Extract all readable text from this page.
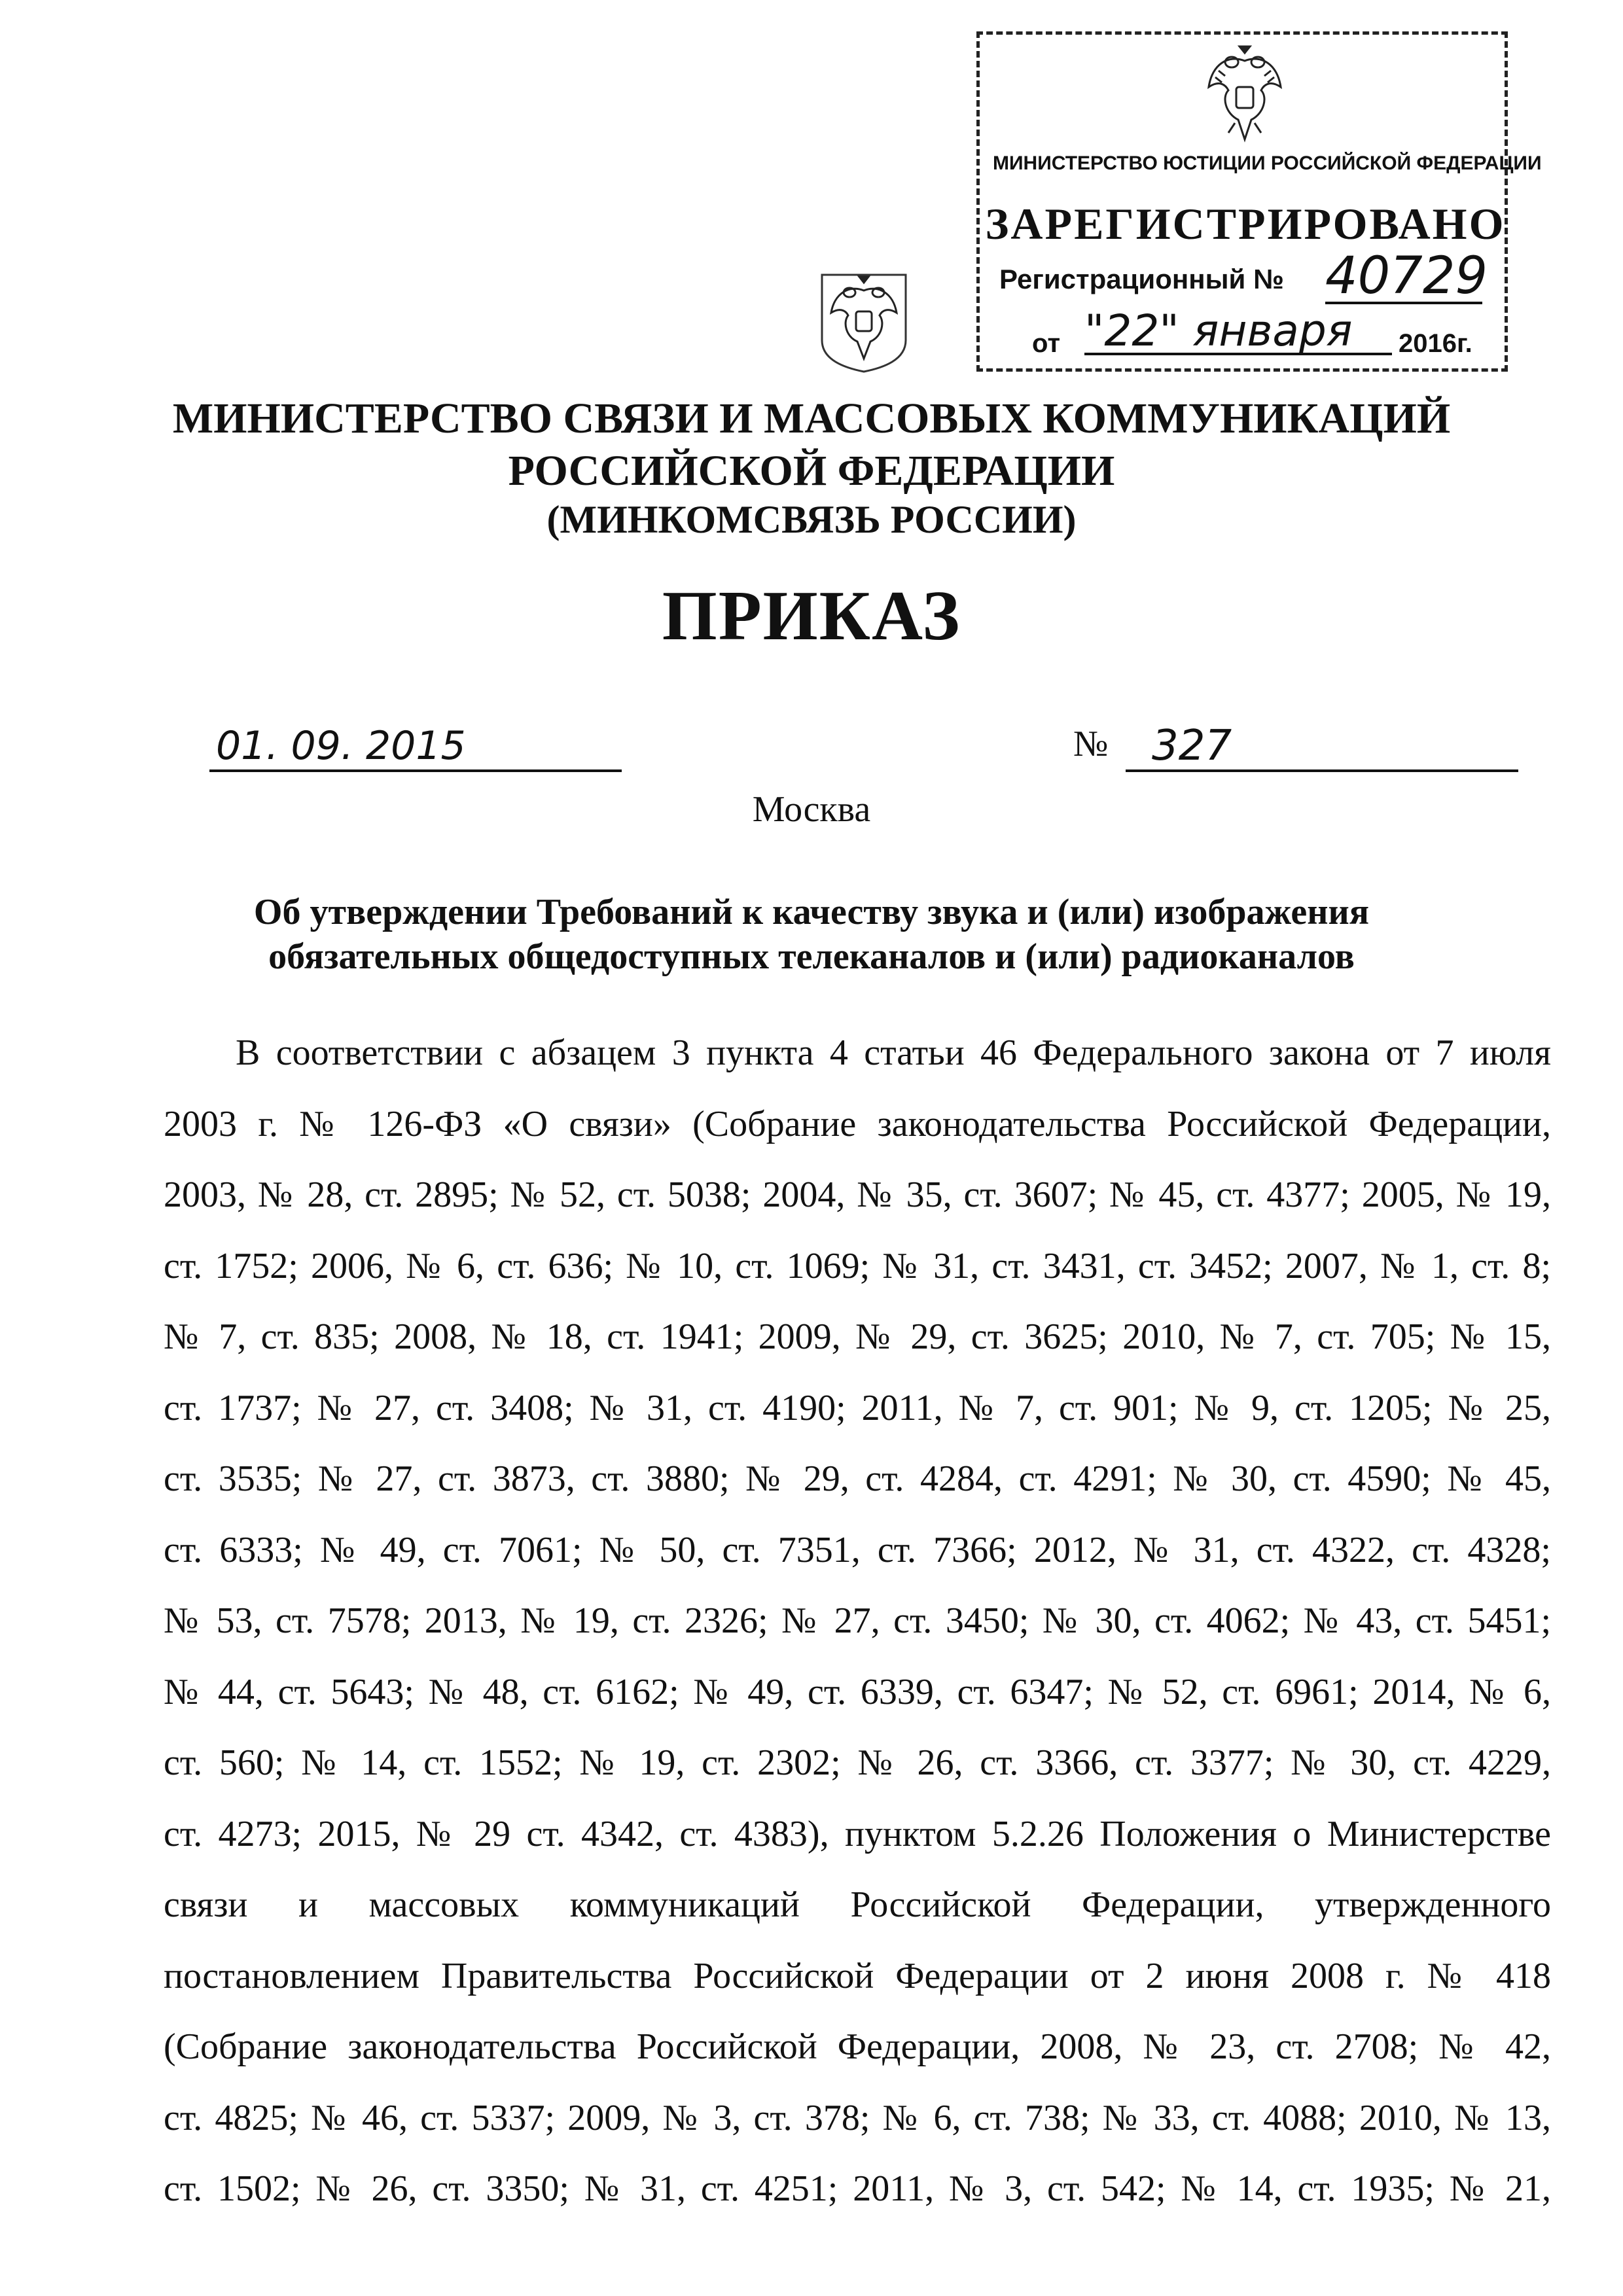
МИНИСТЕРСТВО ЮСТИЦИИ РОССИЙСКОЙ ФЕДЕРАЦИИ
ЗАРЕГИСТРИРОВАНО
Регистрационный № 40729
от "22" января	2016г.
МИНИСТЕРСТВО СВЯЗИ И МАССОВЫХ КОММУНИКАЦИЙ
РОССИЙСКОЙ ФЕДЕРАЦИИ
(МИНКОМСВЯЗЬ РОССИИ)
ПРИКАЗ
01. 09. 2015	№	327
Москва
Об утверждении Требований к качеству звука и (или) изображения
обязательных общедоступных телеканалов и (или) радиоканалов
В соответствии с абзацем 3 пункта 4 статьи 46 Федерального закона от 7 июля
2003 г. № 126-ФЗ «О связи» (Собрание законодательства Российской Федерации,
2003, № 28, ст. 2895; № 52, ст. 5038; 2004, № 35, ст. 3607; № 45, ст. 4377; 2005, № 19,
ст. 1752; 2006, № 6, ст. 636; № 10, ст. 1069; № 31, ст. 3431, ст. 3452; 2007, № 1, ст. 8;
№ 7, ст. 835; 2008, № 18, ст. 1941; 2009, № 29, ст. 3625; 2010, № 7, ст. 705; № 15,
ст. 1737; № 27, ст. 3408; № 31, ст. 4190; 2011, № 7, ст. 901; № 9, ст. 1205; № 25,
ст. 3535; № 27, ст. 3873, ст. 3880; № 29, ст. 4284, ст. 4291; № 30, ст. 4590; № 45,
ст. 6333; № 49, ст. 7061; № 50, ст. 7351, ст. 7366; 2012, № 31, ст. 4322, ст. 4328;
№ 53, ст. 7578; 2013, № 19, ст. 2326; № 27, ст. 3450; № 30, ст. 4062; № 43, ст. 5451;
№ 44, ст. 5643; № 48, ст. 6162; № 49, ст. 6339, ст. 6347; № 52, ст. 6961; 2014, № 6,
ст. 560; № 14, ст. 1552; № 19, ст. 2302; № 26, ст. 3366, ст. 3377; № 30, ст. 4229,
ст. 4273; 2015, № 29 ст. 4342, ст. 4383), пунктом 5.2.26 Положения о Министерстве
связи и массовых коммуникаций Российской Федерации, утвержденного
постановлением Правительства Российской Федерации от 2 июня 2008 г. № 418
(Собрание законодательства Российской Федерации, 2008, № 23, ст. 2708; № 42,
ст. 4825; № 46, ст. 5337; 2009, № 3, ст. 378; № 6, ст. 738; № 33, ст. 4088; 2010, № 13,
ст. 1502; № 26, ст. 3350; № 31, ст. 4251; 2011, № 3, ст. 542; № 14, ст. 1935; № 21,
